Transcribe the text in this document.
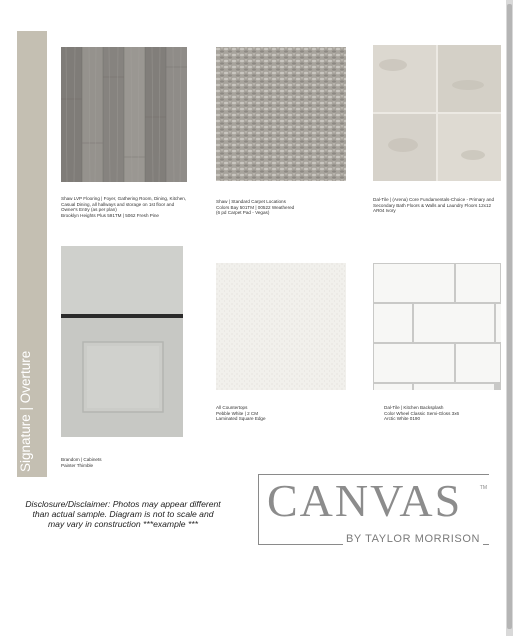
Signature | Overture
Shaw LVP Flooring | Foyer, Gathering Room, Dining, Kitchen, Casual Dining, all hallways and storage on 1st floor and Owner's Entry (as per plan)
Brooklyn Heights Plus 591TM | 5062 Fresh Pine
Shaw | Standard Carpet Locations
Colors Bay 501TM | 00522 Weathered
(6 pd Carpet Pad - Vegas)
Dal-Tile | (Arena) Core Fundamentals-Choice - Primary and Secondary Bath Floors & Walls and Laundry Floors 12x12
AR04 Ivory
Brandom | Cabinets
Painter Thimble
All Countertops
Pebble White | 2 CM
Laminated Square Edge
Dal-Tile | Kitchen Backsplash
Color Wheel Classic Semi-Gloss 3x6
Arctic White 0190
Disclosure/Disclaimer: Photos may appear different
than actual sample. Diagram is not to scale and
may vary in construction ***example ***	CANVAS	TM
BY TAYLOR MORRISON
